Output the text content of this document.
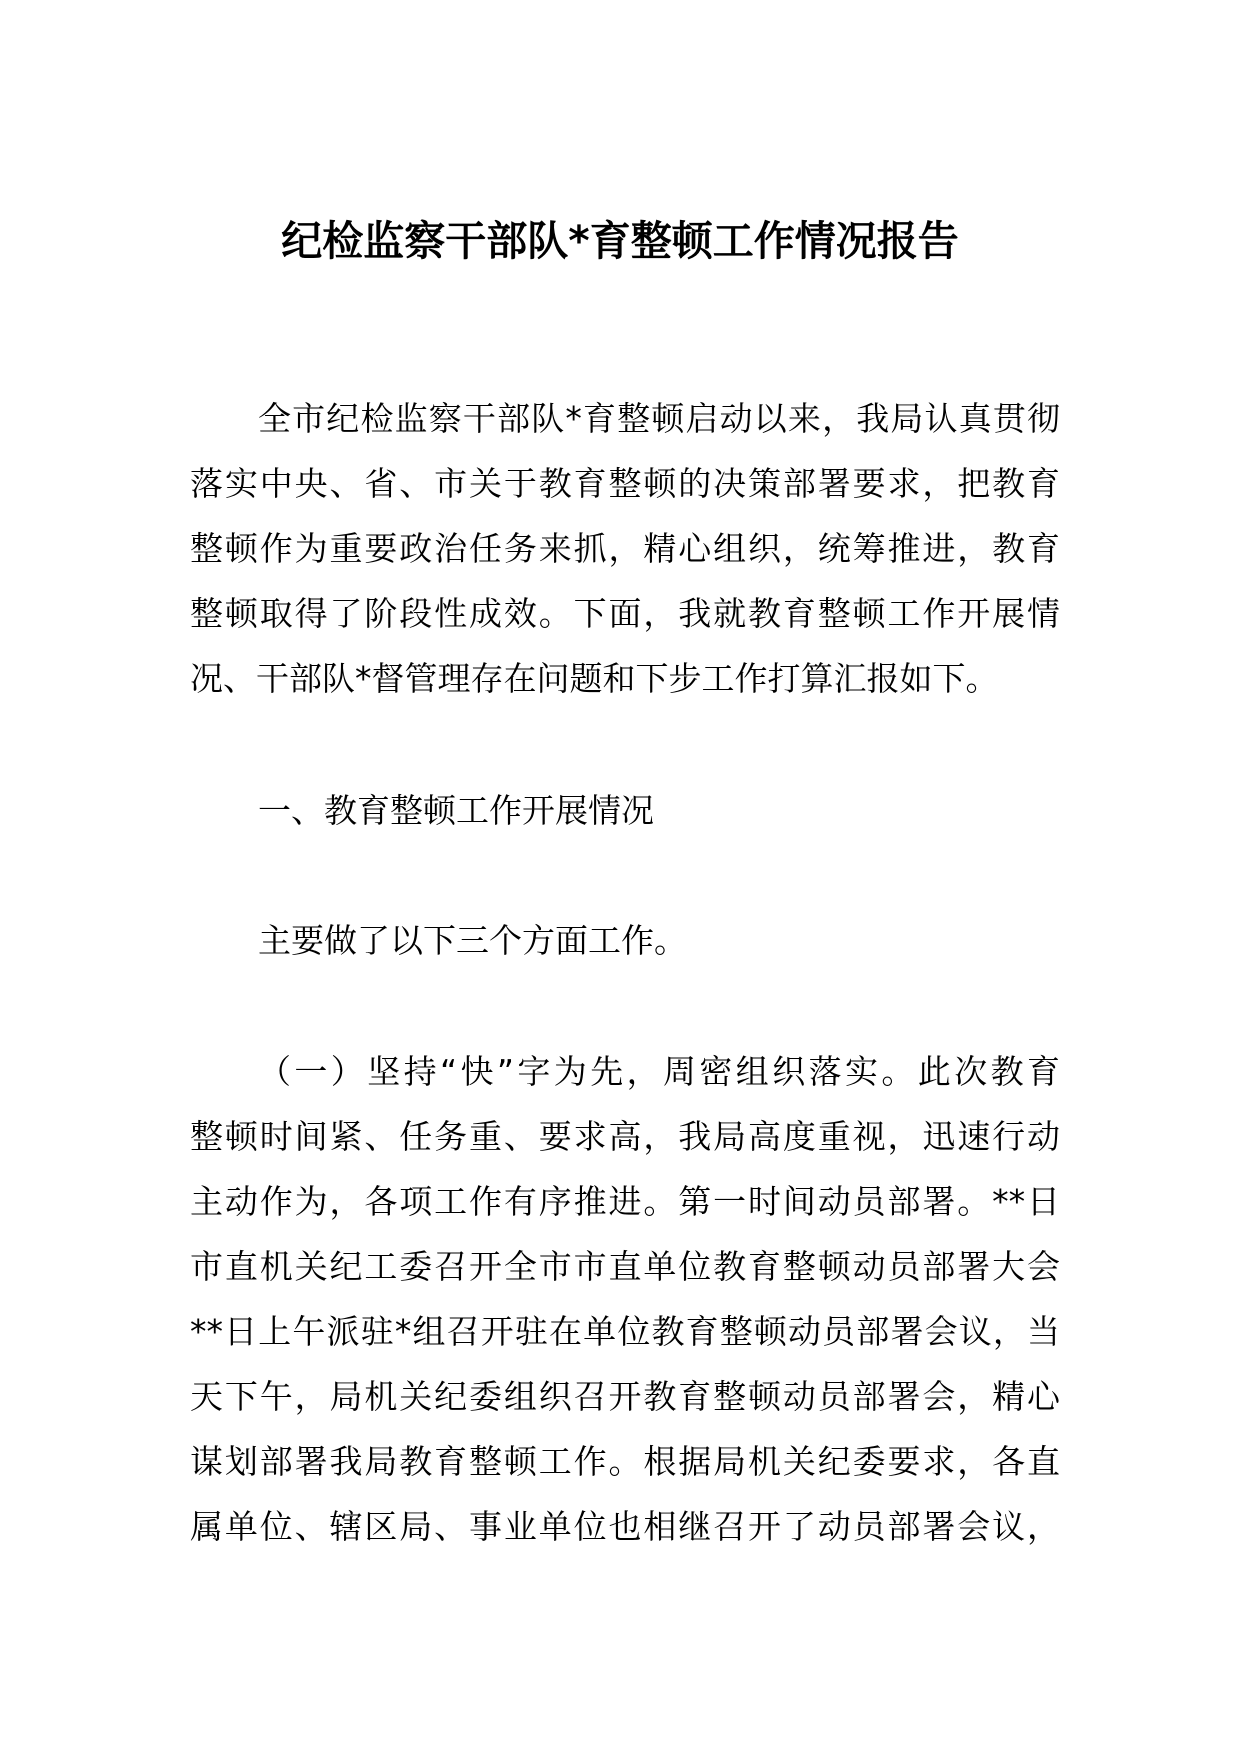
纪检监察干部队*育整顿工作情况报告
全市纪检监察干部队*育整顿启动以来，我局认真贯彻
落实中央、省、市关于教育整顿的决策部署要求，把教育
整顿作为重要政治任务来抓，精心组织，统筹推进，教育
整顿取得了阶段性成效。下面，我就教育整顿工作开展情
况、干部队*督管理存在问题和下步工作打算汇报如下。
一、教育整顿工作开展情况
主要做了以下三个方面工作。
（一）坚持“快”字为先，周密组织落实。此次教育
整顿时间紧、任务重、要求高，我局高度重视，迅速行动
主动作为，各项工作有序推进。第一时间动员部署。**日
市直机关纪工委召开全市市直单位教育整顿动员部署大会
**日上午派驻*组召开驻在单位教育整顿动员部署会议，当
天下午，局机关纪委组织召开教育整顿动员部署会，精心
谋划部署我局教育整顿工作。根据局机关纪委要求，各直
属单位、辖区局、事业单位也相继召开了动员部署会议，
